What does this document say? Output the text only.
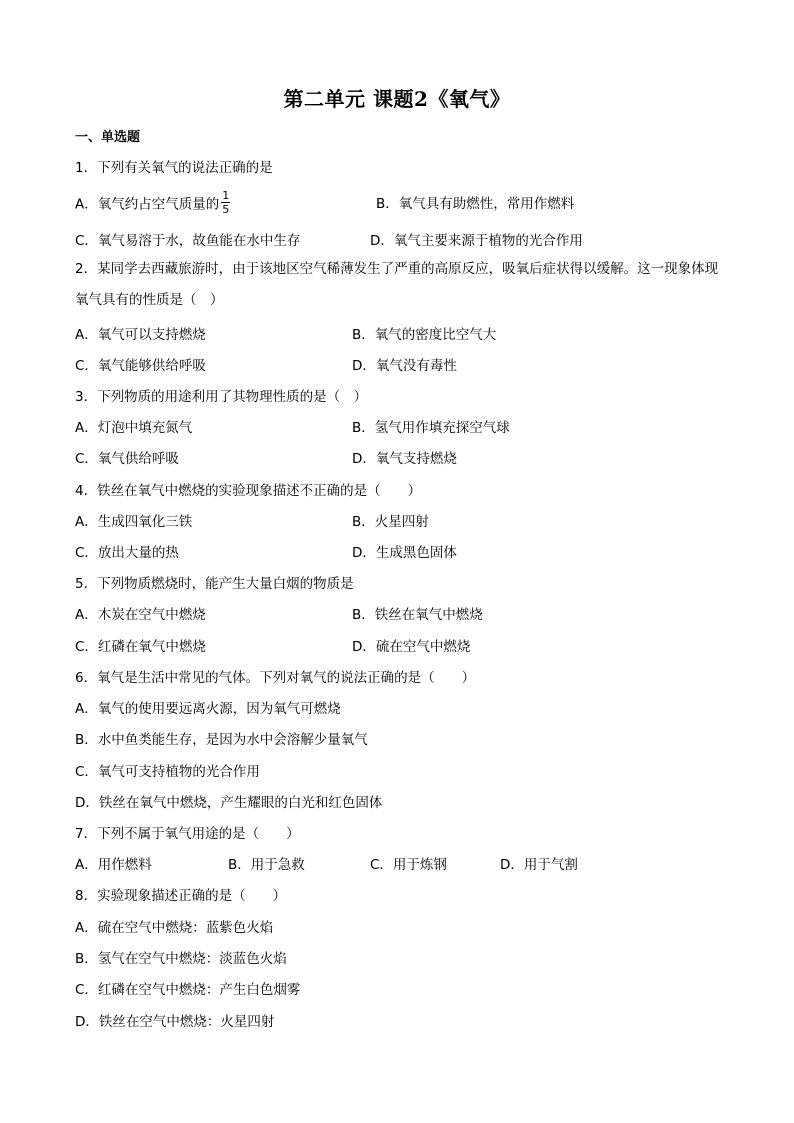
第二单元 课题2《氧气》
一、单选题
1．下列有关氧气的说法正确的是
A．氧气约占空气质量的 $\frac{1}{5}$	B．氧气具有助燃性，常用作燃料
C．氧气易溶于水，故鱼能在水中生存	D．氧气主要来源于植物的光合作用
2．某同学去西藏旅游时，由于该地区空气稀薄发生了严重的高原反应，吸氧后症状得以缓解。这一现象体现氧气具有的性质是（　）
A．氧气可以支持燃烧	B．氧气的密度比空气大
C．氧气能够供给呼吸	D．氧气没有毒性
3．下列物质的用途利用了其物理性质的是（　）
A．灯泡中填充氮气	B．氢气用作填充探空气球
C．氧气供给呼吸	D．氧气支持燃烧
4．铁丝在氧气中燃烧的实验现象描述不正确的是（　　）
A．生成四氧化三铁	B．火星四射
C．放出大量的热	D．生成黑色固体
5．下列物质燃烧时，能产生大量白烟的物质是
A．木炭在空气中燃烧	B．铁丝在氧气中燃烧
C．红磷在氧气中燃烧	D．硫在空气中燃烧
6．氧气是生活中常见的气体。下列对氧气的说法正确的是（　　）
A．氧气的使用要远离火源，因为氧气可燃烧
B．水中鱼类能生存，是因为水中会溶解少量氧气
C．氧气可支持植物的光合作用
D．铁丝在氧气中燃烧，产生耀眼的白光和红色固体
7．下列不属于氧气用途的是（　　）
A．用作燃料	B．用于急救	C．用于炼钢	D．用于气割
8．实验现象描述正确的是（　　）
A．硫在空气中燃烧：蓝紫色火焰
B．氢气在空气中燃烧：淡蓝色火焰
C．红磷在空气中燃烧：产生白色烟雾
D．铁丝在空气中燃烧：火星四射
